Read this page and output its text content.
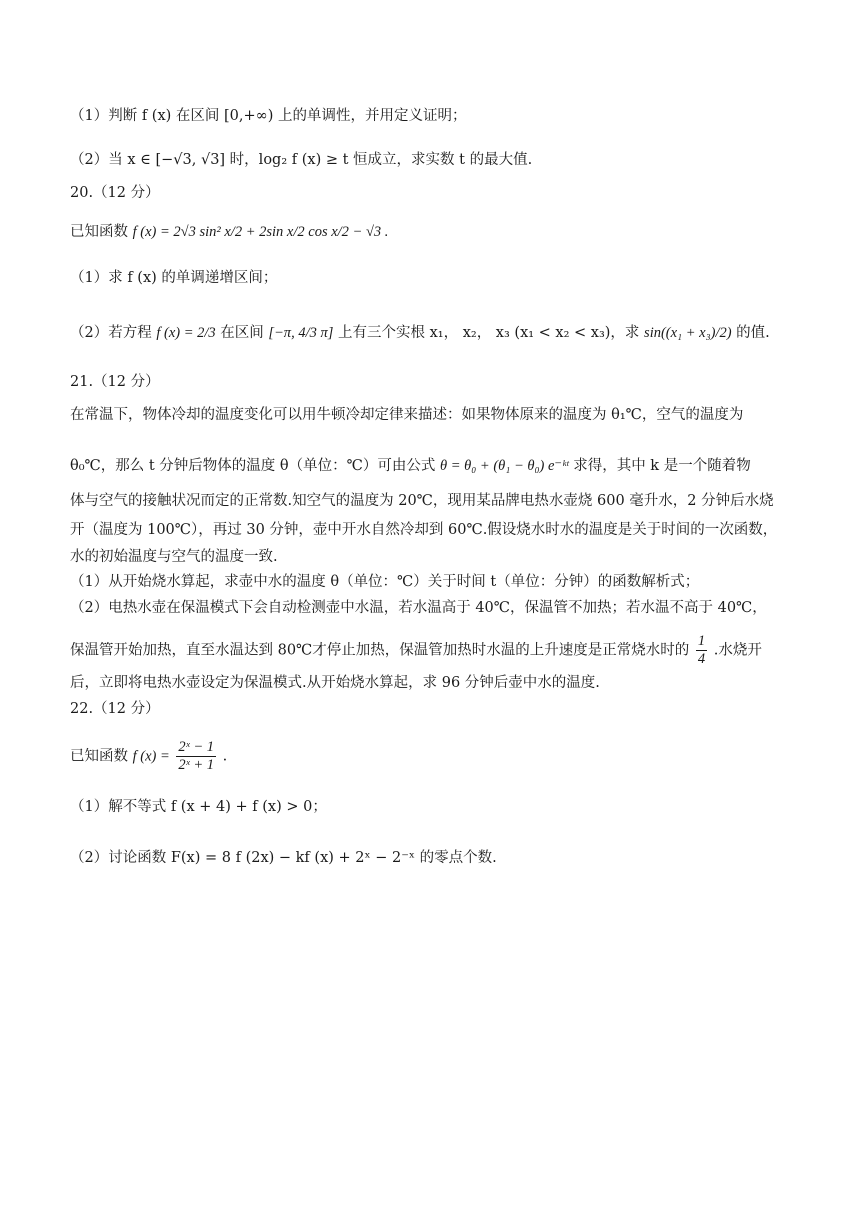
（1）判断 f (x) 在区间 [0,+∞) 上的单调性，并用定义证明；
（2）当 x ∈ [−√3, √3] 时，log₂ f (x) ≥ t 恒成立，求实数 t 的最大值.
20.（12 分）
已知函数 f (x) = 2√3 sin² x/2 + 2sin x/2 cos x/2 − √3 .
（1）求 f (x) 的单调递增区间；
（2）若方程 f (x) = 2/3 在区间 [−π, 4/3 π] 上有三个实根 x₁， x₂， x₃ (x₁ < x₂ < x₃)，求 sin((x₁ + x₃)/2) 的值.
21.（12 分）
在常温下，物体冷却的温度变化可以用牛顿冷却定律来描述：如果物体原来的温度为 θ₁℃，空气的温度为
θ₀℃，那么 t 分钟后物体的温度 θ（单位：℃）可由公式 θ = θ₀ + (θ₁ − θ₀) e⁻ᵏᵗ 求得，其中 k 是一个随着物
体与空气的接触状况而定的正常数.知空气的温度为 20℃，现用某品牌电热水壶烧 600 毫升水，2 分钟后水烧
开（温度为 100℃），再过 30 分钟，壶中开水自然冷却到 60℃.假设烧水时水的温度是关于时间的一次函数，
水的初始温度与空气的温度一致.
（1）从开始烧水算起，求壶中水的温度 θ（单位：℃）关于时间 t（单位：分钟）的函数解析式；
（2）电热水壶在保温模式下会自动检测壶中水温，若水温高于 40℃，保温管不加热；若水温不高于 40℃，
保温管开始加热，直至水温达到 80℃才停止加热，保温管加热时水温的上升速度是正常烧水时的 $\frac{1}{4}$ .水烧开
后，立即将电热水壶设定为保温模式.从开始烧水算起，求 96 分钟后壶中水的温度.
22.（12 分）
已知函数 f $(x) = \frac{\text{2ˣ − 1}}{\text{2ˣ + 1}}$ .
（1）解不等式 f (x + 4) + f (x) > 0；
（2）讨论函数 F(x) = 8 f (2x) − kf (x) + 2ˣ − 2⁻ˣ 的零点个数.
